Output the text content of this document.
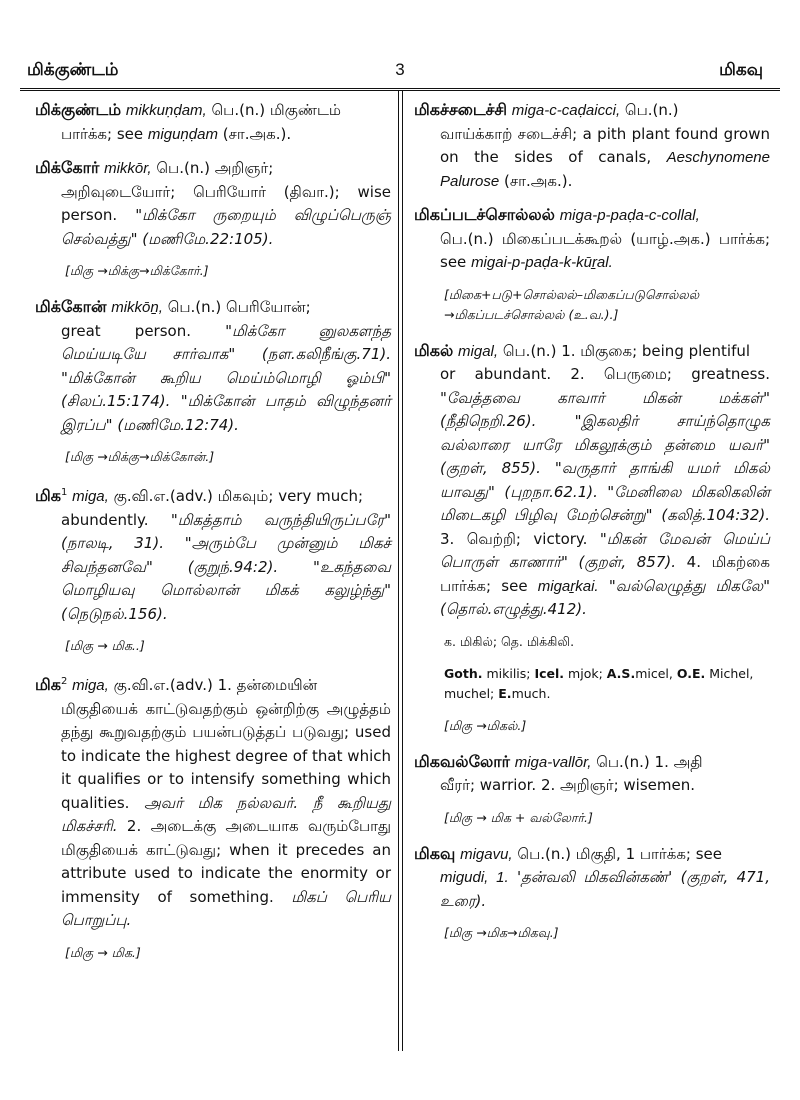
மிக்குண்டம்	3	மிகவு
மிக்குண்டம் mikkuṇḍam, பெ.(n.) மிகுண்டம்
பார்க்க; see miguṇḍam (சா.அக.).
மிக்கோர் mikkōr, பெ.(n.) அறிஞர்;
அறிவுடையோர்; பெரியோர் (திவா.); wise person. "மிக்கோ ருறையும் விழுப்பெருஞ் செல்வத்து" (மணிமே.22:105).
[மிகு →மிக்கு→மிக்கோர்.]
மிக்கோன் mikkōṉ, பெ.(n.) பெரியோன்;
great person. "மிக்கோ னுலகளந்த மெய்யடியே சார்வாக" (நள.கலிநீங்கு.71). "மிக்கோன் கூறிய மெய்ம்மொழி ஓம்பி" (சிலப்.15:174). "மிக்கோன் பாதம் விழுந்தனர் இரப்ப" (மணிமே.12:74).
[மிகு →மிக்கு→மிக்கோன்.]
மிக$^1$ miga, கு.வி.எ.(adv.) மிகவும்; very much;
abundently. "மிகத்தாம் வருந்தியிருப்பரே" (நாலடி, 31). "அரும்பே முன்னும் மிகச் சிவந்தனவே" (குறுந்.94:2). "உகந்தவை மொழியவு மொல்லான் மிகக் கலுழ்ந்து" (நெடுநல்.156).
[மிகு → மிக..]
மிக$^2$ miga, கு.வி.எ.(adv.) 1. தன்மையின்
மிகுதியைக் காட்டுவதற்கும் ஒன்றிற்கு அழுத்தம் தந்து கூறுவதற்கும் பயன்படுத்தப் படுவது; used to indicate the highest degree of that which it qualifies or to intensify something which qualities. அவர் மிக நல்லவர். நீ கூறியது மிகச்சரி. 2. அடைக்கு அடையாக வரும்போது மிகுதியைக் காட்டுவது; when it precedes an attribute used to indicate the enormity or immensity of something. மிகப் பெரிய பொறுப்பு.
[மிகு → மிக.]
மிகச்சடைச்சி miga-c-caḍaicci, பெ.(n.)
வாய்க்காற் சடைச்சி; a pith plant found grown on the sides of canals, Aeschynomene Palurose (சா.அக.).
மிகப்படச்சொல்லல் miga-p-paḍa-c-collal,
பெ.(n.) மிகைப்படக்கூறல் (யாழ்.அக.) பார்க்க; see migai-p-paḍa-k-kūṟal.
[மிகை+படு+சொல்லல்–மிகைப்படுசொல்லல் →மிகப்படச்சொல்லல் (உ.வ.).]
மிகல் migal, பெ.(n.) 1. மிகுகை; being plentiful
or abundant. 2. பெருமை; greatness. "வேத்தவை காவார் மிகன் மக்கள்" (நீதிநெறி.26). "இகலதிர் சாய்ந்தொழுக வல்லாரை யாரே மிகலூக்கும் தன்மை யவர்" (குறள், 855). "வருதார் தாங்கி யமர் மிகல் யாவது" (புறநா.62.1). "மேனிலை மிகலிகலின் மிடைகழி பிழிவு மேற்சென்று" (கலித்.104:32). 3. வெற்றி; victory. "மிகன் மேவன் மெய்ப் பொருள் காணார்" (குறள், 857). 4. மிகற்கை பார்க்க; see migaṟkai. "வல்லெழுத்து மிகலே" (தொல்.எழுத்து.412).
க. மிகில்; தெ. மிக்கிலி.
Goth. mikilis; Icel. mjok; A.S.micel, O.E. Michel, muchel; E.much.
[மிகு →மிகல்.]
மிகவல்லோர் miga-vallōr, பெ.(n.) 1. அதி
வீரர்; warrior. 2. அறிஞர்; wisemen.
[மிகு → மிக + வல்லோர்.]
மிகவு migavu, பெ.(n.) மிகுதி, 1 பார்க்க; see
migudi, 1. 'தன்வலி மிகவின்கண்' (குறள், 471, உரை).
[மிகு →மிக→மிகவு.]
